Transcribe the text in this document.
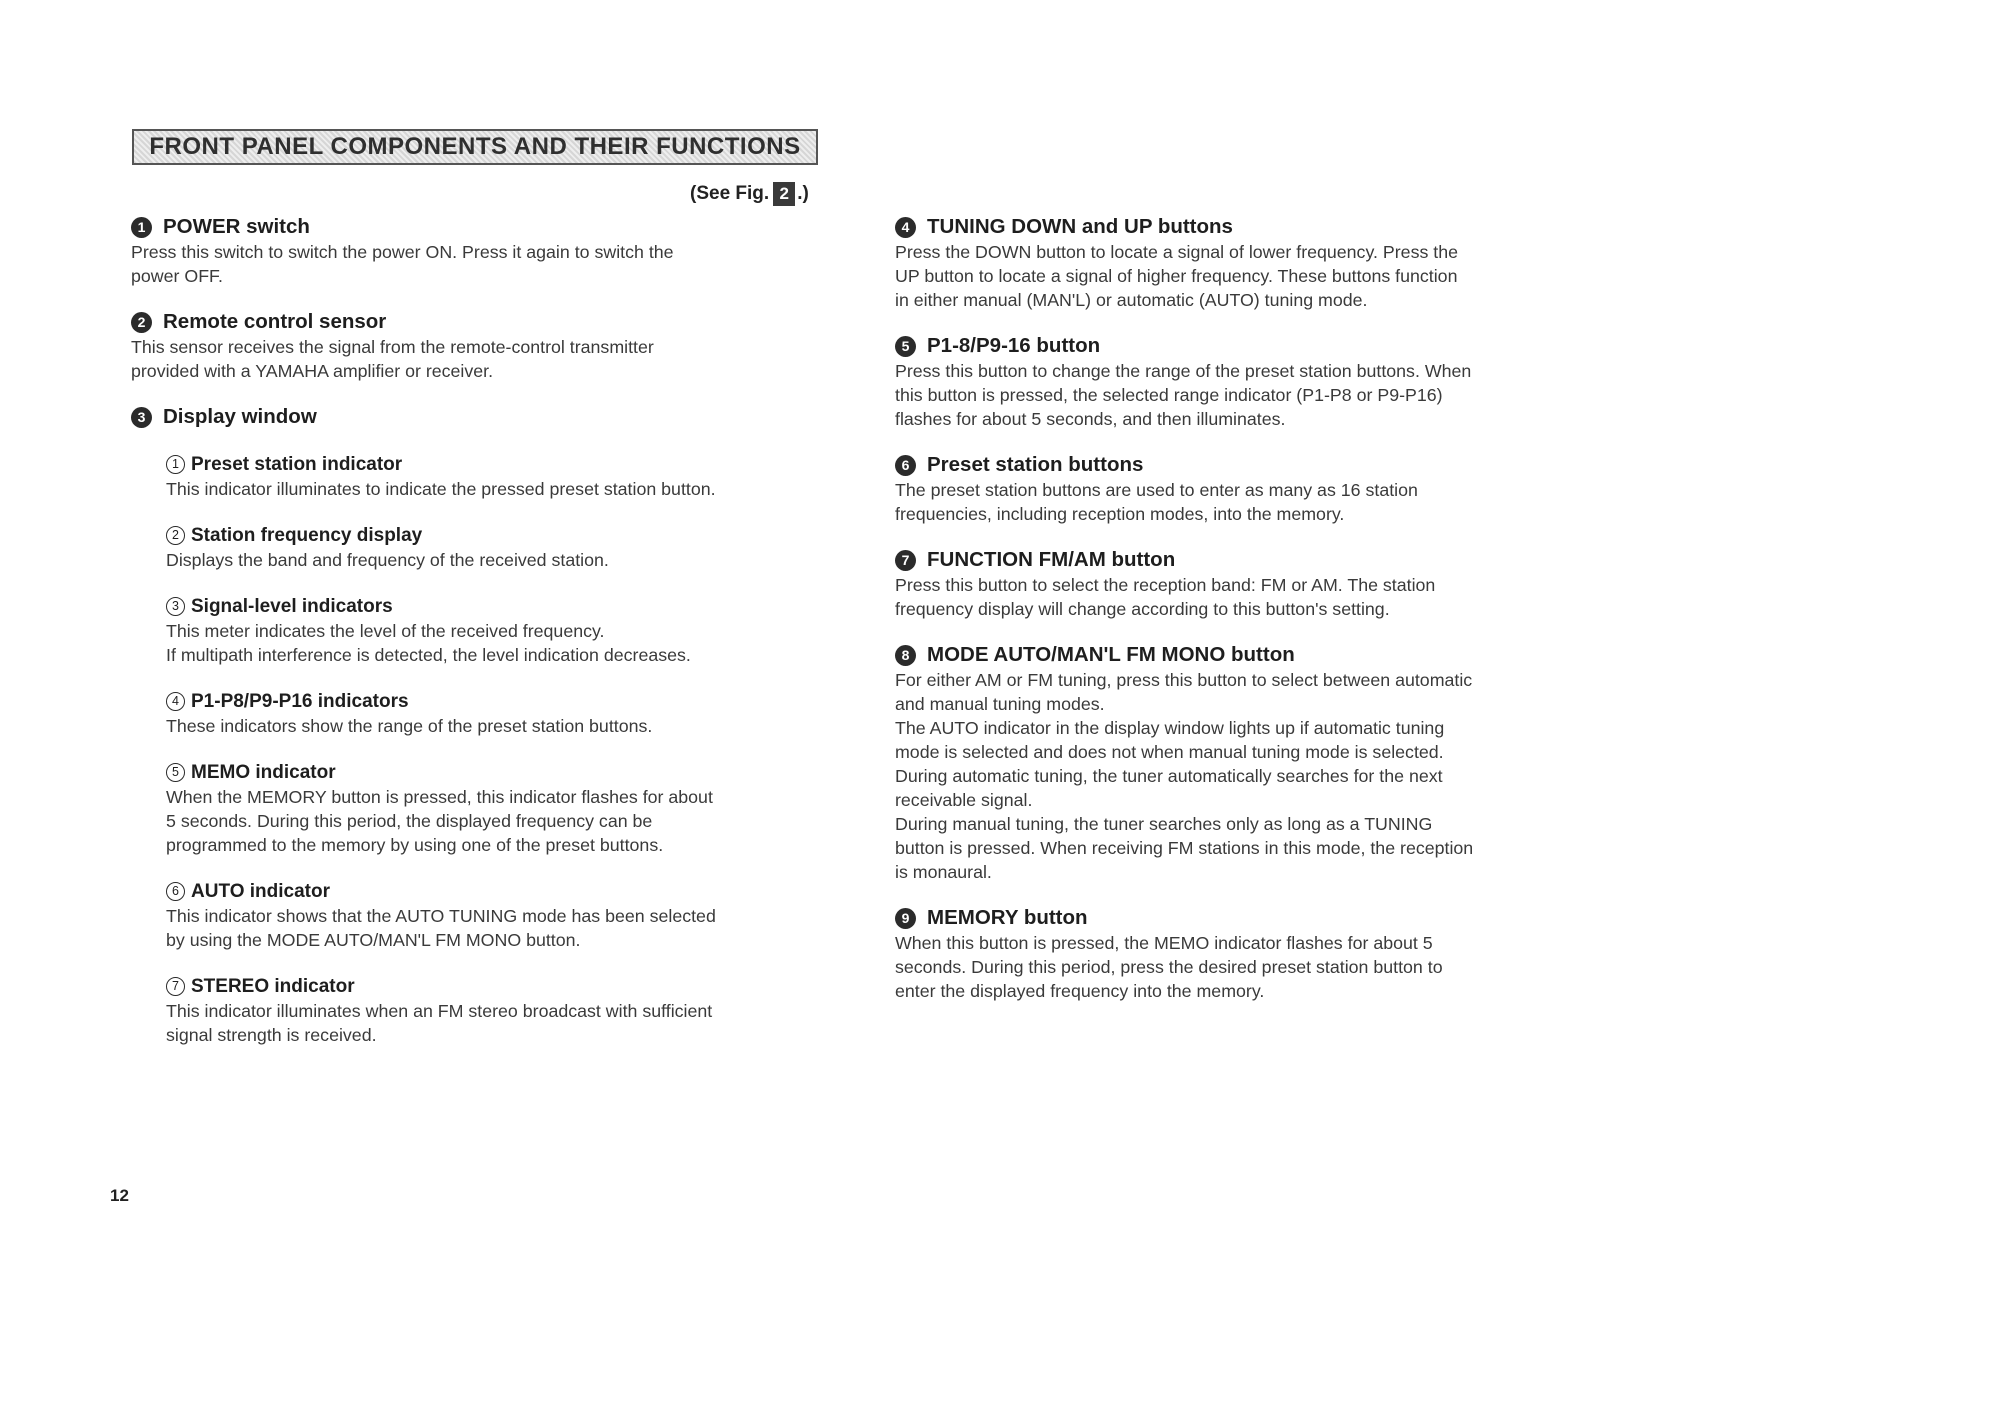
FRONT PANEL COMPONENTS AND THEIR FUNCTIONS
(See Fig. 2 .)
1 POWER switch

Press this switch to switch the power ON. Press it again to switch the

power OFF.

2 Remote control sensor

This sensor receives the signal from the remote-control transmitter

provided with a YAMAHA amplifier or receiver.

3 Display window
1 Preset station indicator

This indicator illuminates to indicate the pressed preset station button.

2 Station frequency display

Displays the band and frequency of the received station.

3 Signal-level indicators

This meter indicates the level of the received frequency.

If multipath interference is detected, the level indication decreases.

4 P1-P8/P9-P16 indicators

These indicators show the range of the preset station buttons.

5 MEMO indicator

When the MEMORY button is pressed, this indicator flashes for about

5 seconds. During this period, the displayed frequency can be

programmed to the memory by using one of the preset buttons.

6 AUTO indicator

This indicator shows that the AUTO TUNING mode has been selected

by using the MODE AUTO/MAN'L FM MONO button.

7 STEREO indicator

This indicator illuminates when an FM stereo broadcast with sufficient

signal strength is received.

4 TUNING DOWN and UP buttons

Press the DOWN button to locate a signal of lower frequency. Press the

UP button to locate a signal of higher frequency. These buttons function

in either manual (MAN'L) or automatic (AUTO) tuning mode.

5 P1-8/P9-16 button

Press this button to change the range of the preset station buttons. When

this button is pressed, the selected range indicator (P1-P8 or P9-P16)

flashes for about 5 seconds, and then illuminates.

6 Preset station buttons

The preset station buttons are used to enter as many as 16 station

frequencies, including reception modes, into the memory.

7 FUNCTION FM/AM button

Press this button to select the reception band: FM or AM. The station

frequency display will change according to this button's setting.

8 MODE AUTO/MAN'L FM MONO button

For either AM or FM tuning, press this button to select between automatic

and manual tuning modes.

The AUTO indicator in the display window lights up if automatic tuning

mode is selected and does not when manual tuning mode is selected.

During automatic tuning, the tuner automatically searches for the next

receivable signal.

During manual tuning, the tuner searches only as long as a TUNING

button is pressed. When receiving FM stations in this mode, the reception

is monaural.

9 MEMORY button

When this button is pressed, the MEMO indicator flashes for about 5

seconds. During this period, press the desired preset station button to

enter the displayed frequency into the memory.

12
